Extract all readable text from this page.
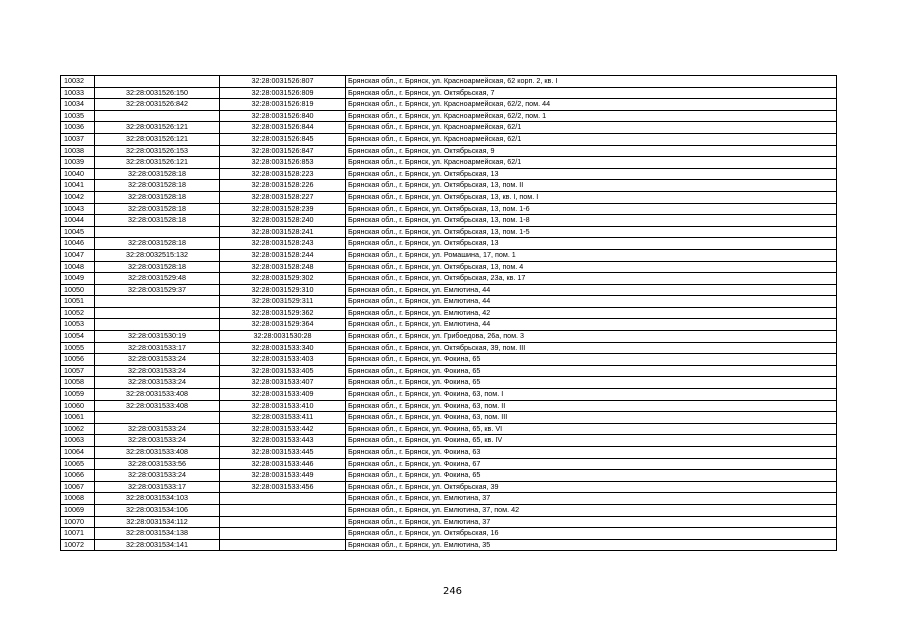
10032		32:28:0031526:807	Брянская обл., г. Брянск, ул. Красноармейская, 62 корп. 2, кв. I
10033	32:28:0031526:150	32:28:0031526:809	Брянская обл., г. Брянск, ул. Октябрьская, 7
10034	32:28:0031526:842	32:28:0031526:819	Брянская обл., г. Брянск, ул. Красноармейская, 62/2, пом. 44
10035		32:28:0031526:840	Брянская обл., г. Брянск, ул. Красноармейская, 62/2, пом. 1
10036	32:28:0031526:121	32:28:0031526:844	Брянская обл., г. Брянск, ул. Красноармейская, 62/1
10037	32:28:0031526:121	32:28:0031526:845	Брянская обл., г. Брянск, ул. Красноармейская, 62/1
10038	32:28:0031526:153	32:28:0031526:847	Брянская обл., г. Брянск, ул. Октябрьская, 9
10039	32:28:0031526:121	32:28:0031526:853	Брянская обл., г. Брянск, ул. Красноармейская, 62/1
10040	32:28:0031528:18	32:28:0031528:223	Брянская обл., г. Брянск, ул. Октябрьская, 13
10041	32:28:0031528:18	32:28:0031528:226	Брянская обл., г. Брянск, ул. Октябрьская, 13, пом. II
10042	32:28:0031528:18	32:28:0031528:227	Брянская обл., г. Брянск, ул. Октябрьская, 13, кв. I, пом. I
10043	32:28:0031528:18	32:28:0031528:239	Брянская обл., г. Брянск, ул. Октябрьская, 13, пом. 1-6
10044	32:28:0031528:18	32:28:0031528:240	Брянская обл., г. Брянск, ул. Октябрьская, 13, пом. 1-8
10045		32:28:0031528:241	Брянская обл., г. Брянск, ул. Октябрьская, 13, пом. 1-5
10046	32:28:0031528:18	32:28:0031528:243	Брянская обл., г. Брянск, ул. Октябрьская, 13
10047	32:28:0032515:132	32:28:0031528:244	Брянская обл., г. Брянск, ул. Ромашина, 17, пом. 1
10048	32:28:0031528:18	32:28:0031528:248	Брянская обл., г. Брянск, ул. Октябрьская, 13, пом. 4
10049	32:28:0031529:48	32:28:0031529:302	Брянская обл., г. Брянск, ул. Октябрьская, 23а, кв. 17
10050	32:28:0031529:37	32:28:0031529:310	Брянская обл., г. Брянск, ул. Емлютина, 44
10051		32:28:0031529:311	Брянская обл., г. Брянск, ул. Емлютина, 44
10052		32:28:0031529:362	Брянская обл., г. Брянск, ул. Емлютина, 42
10053		32:28:0031529:364	Брянская обл., г. Брянск, ул. Емлютина, 44
10054	32:28:0031530:19	32:28:0031530:28	Брянская обл., г. Брянск, ул. Грибоедова, 26а, пом. 3
10055	32:28:0031533:17	32:28:0031533:340	Брянская обл., г. Брянск, ул. Октябрьская, 39, пом. III
10056	32:28:0031533:24	32:28:0031533:403	Брянская обл., г. Брянск, ул. Фокина, 65
10057	32:28:0031533:24	32:28:0031533:405	Брянская обл., г. Брянск, ул. Фокина, 65
10058	32:28:0031533:24	32:28:0031533:407	Брянская обл., г. Брянск, ул. Фокина, 65
10059	32:28:0031533:408	32:28:0031533:409	Брянская обл., г. Брянск, ул. Фокина, 63, пом. I
10060	32:28:0031533:408	32:28:0031533:410	Брянская обл., г. Брянск, ул. Фокина, 63, пом. II
10061		32:28:0031533:411	Брянская обл., г. Брянск, ул. Фокина, 63, пом. III
10062	32:28:0031533:24	32:28:0031533:442	Брянская обл., г. Брянск, ул. Фокина, 65, кв. VI
10063	32:28:0031533:24	32:28:0031533:443	Брянская обл., г. Брянск, ул. Фокина, 65, кв. IV
10064	32:28:0031533:408	32:28:0031533:445	Брянская обл., г. Брянск, ул. Фокина, 63
10065	32:28:0031533:56	32:28:0031533:446	Брянская обл., г. Брянск, ул. Фокина, 67
10066	32:28:0031533:24	32:28:0031533:449	Брянская обл., г. Брянск, ул. Фокина, 65
10067	32:28:0031533:17	32:28:0031533:456	Брянская обл., г. Брянск, ул. Октябрьская, 39
10068	32:28:0031534:103		Брянская обл., г. Брянск, ул. Емлютина, 37
10069	32:28:0031534:106		Брянская обл., г. Брянск, ул. Емлютина, 37, пом. 42
10070	32:28:0031534:112		Брянская обл., г. Брянск, ул. Емлютина, 37
10071	32:28:0031534:138		Брянская обл., г. Брянск, ул. Октябрьская, 16
10072	32:28:0031534:141		Брянская обл., г. Брянск, ул. Емлютина, 35
246
